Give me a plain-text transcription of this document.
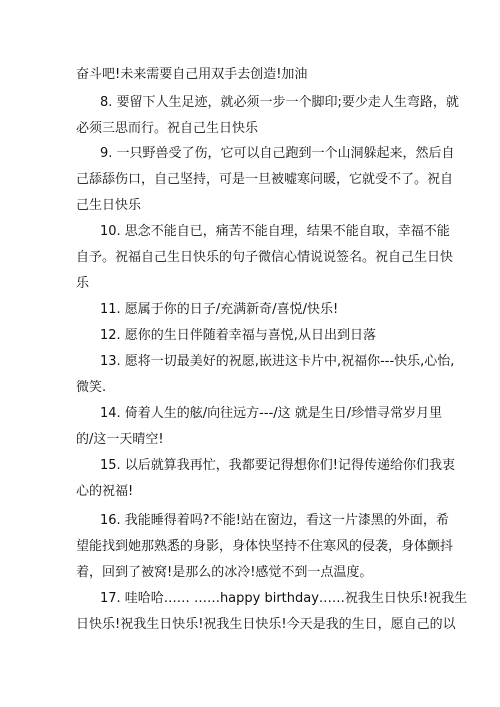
奋斗吧!未来需要自己用双手去创造!加油
8. 要留下人生足迹，就必须一步一个脚印;要少走人生弯路，就
必须三思而行。祝自己生日快乐
9. 一只野兽受了伤，它可以自己跑到一个山洞躲起来，然后自
己舔舔伤口，自己坚持，可是一旦被嘘寒问暖，它就受不了。祝自
己生日快乐
10. 思念不能自已，痛苦不能自理，结果不能自取，幸福不能
自予。祝福自己生日快乐的句子微信心情说说签名。祝自己生日快
乐
11. 愿属于你的日子/充满新奇/喜悦/快乐!
12. 愿你的生日伴随着幸福与喜悦,从日出到日落
13. 愿将一切最美好的祝愿,嵌进这卡片中,祝福你---快乐,心怡,
微笑.
14. 倚着人生的舷/向往远方---/这 就是生日/珍惜寻常岁月里
的/这一天晴空!
15. 以后就算我再忙，我都要记得想你们!记得传递给你们我衷
心的祝福!
16. 我能睡得着吗?不能!站在窗边，看这一片漆黑的外面，希
望能找到她那熟悉的身影，身体快坚持不住寒风的侵袭，身体颤抖
着，回到了被窝!是那么的冰冷!感觉不到一点温度。
17. 哇哈哈…… ……happy birthday……祝我生日快乐!祝我生
日快乐!祝我生日快乐!祝我生日快乐!今天是我的生日，愿自己的以
